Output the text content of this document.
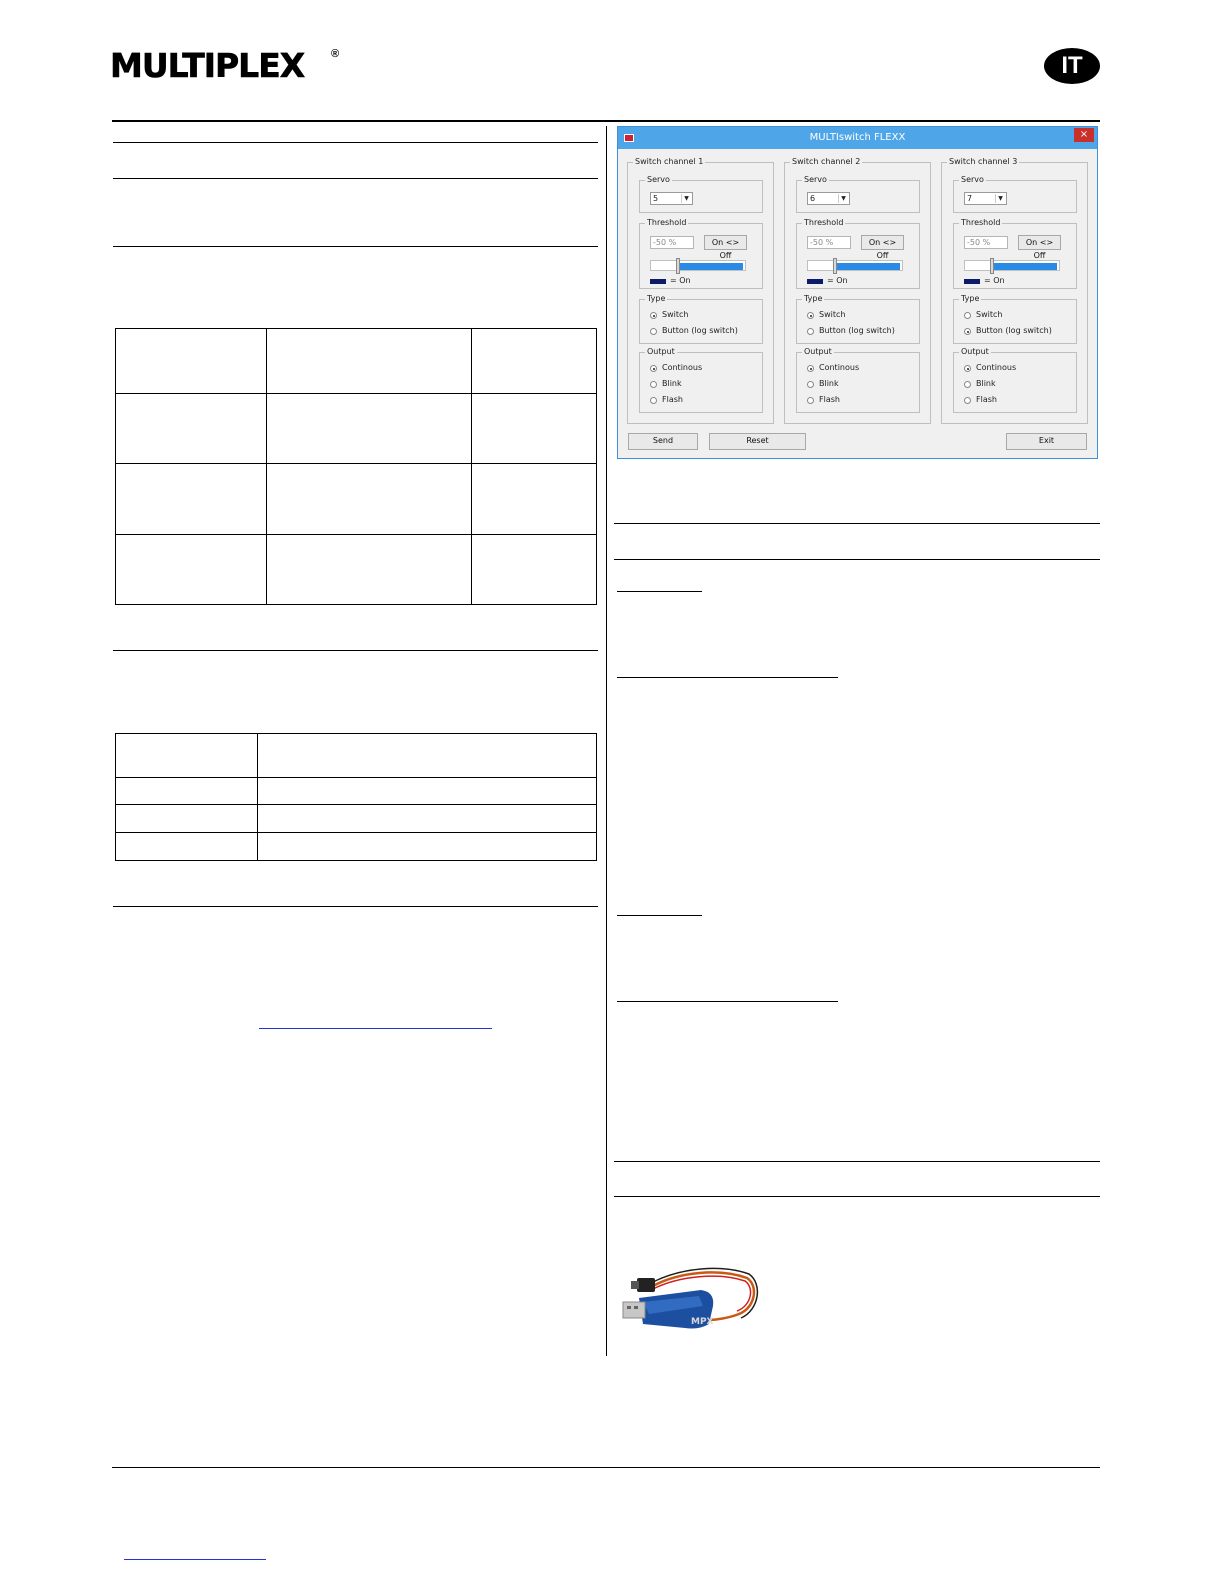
MULTIPLEX ®	IT

MULTIswitch FLEXX	×
Send	Reset	Exit
Switch channel 1
Servo
5	▼
Threshold
-50 %	On <> Off
= On
Type
Switch
Button (log switch)
Output
Continous
Blink
Flash
Switch channel 2
Servo
6	▼
Threshold
-50 %	On <> Off
= On
Type
Switch
Button (log switch)
Output
Continous
Blink
Flash
Switch channel 3
Servo
7	▼
Threshold
-50 %	On <> Off
= On
Type
Switch
Button (log switch)
Output
Continous
Blink
Flash
MPX
